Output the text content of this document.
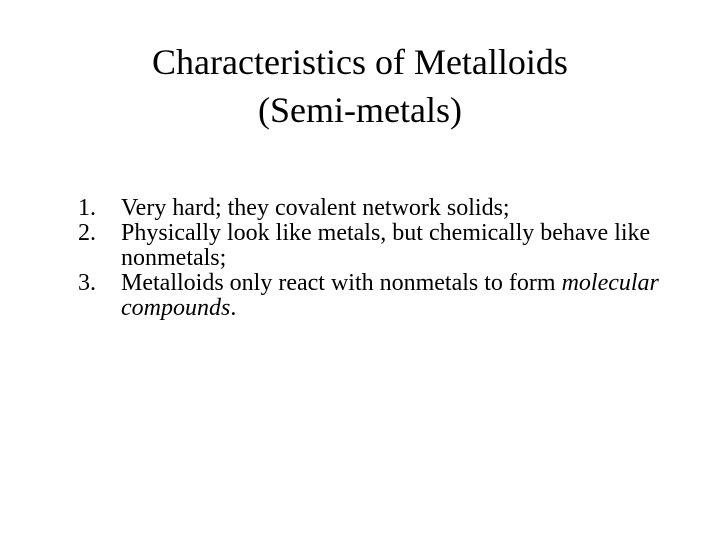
Characteristics of Metalloids
(Semi-metals)
1. Very hard; they covalent network solids;
2. Physically look like metals, but chemically behave like nonmetals;
3. Metalloids only react with nonmetals to form molecular compounds.
